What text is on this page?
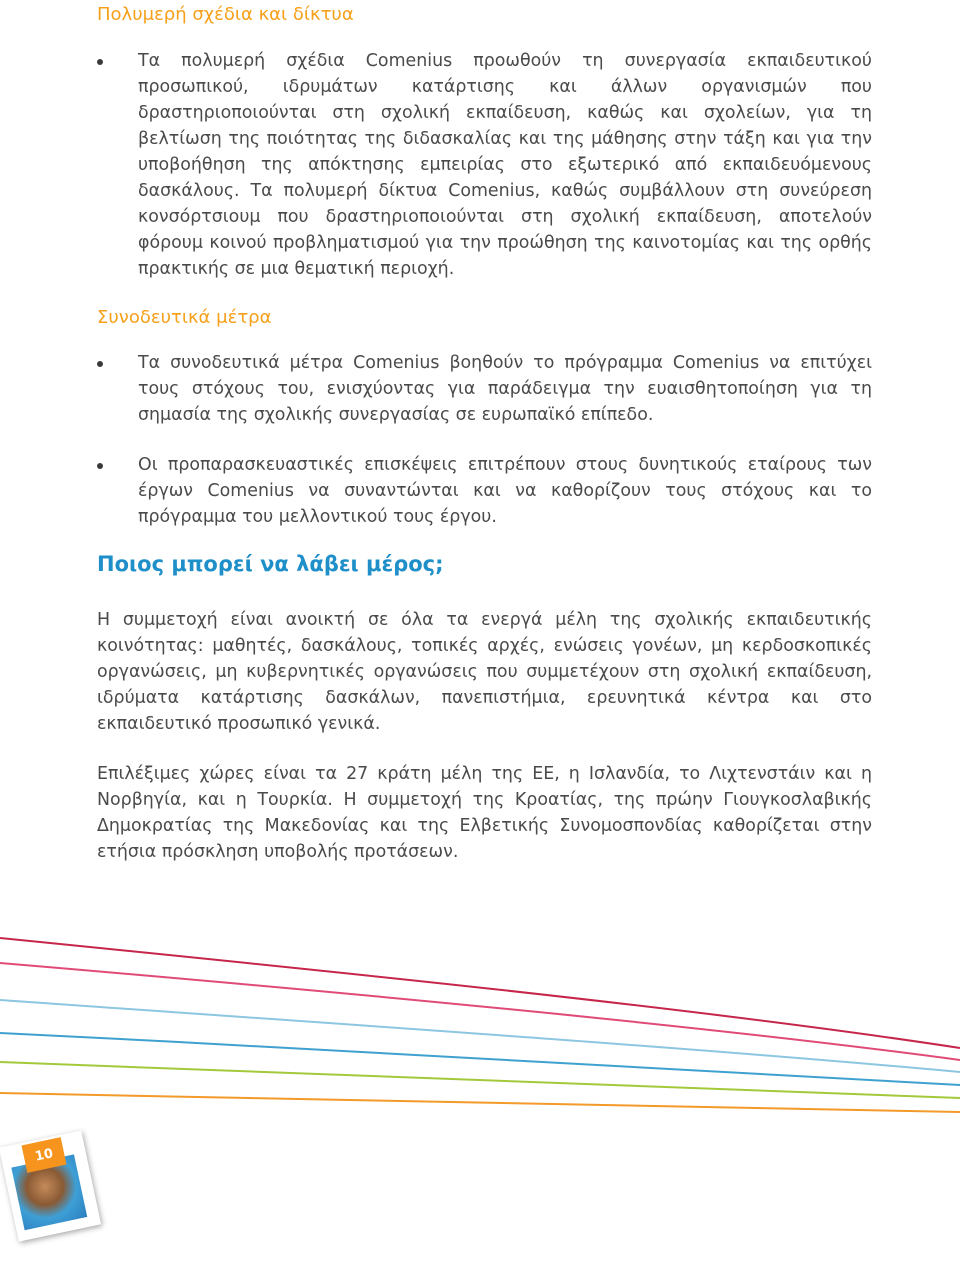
Πολυμερή σχέδια και δίκτυα
Τα πολυμερή σχέδια Comenius προωθούν τη συνεργασία εκπαιδευτικού προσωπικού, ιδρυμάτων κατάρτισης και άλλων οργανισμών που δραστηριοποιούνται στη σχολική εκπαίδευση, καθώς και σχολείων, για τη βελτίωση της ποιότητας της διδασκαλίας και της μάθησης στην τάξη και για την υποβοήθηση της απόκτησης εμπειρίας στο εξωτερικό από εκπαιδευόμενους δασκάλους. Τα πολυμερή δίκτυα Comenius, καθώς συμβάλλουν στη συνεύρεση κονσόρτσιουμ που δραστηριοποιούνται στη σχολική εκπαίδευση, αποτελούν φόρουμ κοινού προβληματισμού για την προώθηση της καινοτομίας και της ορθής πρακτικής σε μια θεματική περιοχή.
Συνοδευτικά μέτρα
Τα συνοδευτικά μέτρα Comenius βοηθούν το πρόγραμμα Comenius να επιτύχει τους στόχους του, ενισχύοντας για παράδειγμα την ευαισθητοποίηση για τη σημασία της σχολικής συνεργασίας σε ευρωπαϊκό επίπεδο.
Οι προπαρασκευαστικές επισκέψεις επιτρέπουν στους δυνητικούς εταίρους των έργων Comenius να συναντώνται και να καθορίζουν τους στόχους και το πρόγραμμα του μελλοντικού τους έργου.
Ποιος μπορεί να λάβει μέρος;

Η συμμετοχή είναι ανοικτή σε όλα τα ενεργά μέλη της σχολικής εκπαιδευτικής κοινότητας: μαθητές, δασκάλους, τοπικές αρχές, ενώσεις γονέων, μη κερδοσκοπικές οργανώσεις, μη κυβερνητικές οργανώσεις που συμμετέχουν στη σχολική εκπαίδευση, ιδρύματα κατάρτισης δασκάλων, πανεπιστήμια, ερευνητικά κέντρα και στο εκπαιδευτικό προσωπικό γενικά.

Επιλέξιμες χώρες είναι τα 27 κράτη μέλη της ΕΕ, η Ισλανδία, το Λιχτενστάιν και η Νορβηγία, και η Τουρκία. Η συμμετοχή της Κροατίας, της πρώην Γιουγκοσλαβικής Δημοκρατίας της Μακεδονίας και της Ελβετικής Συνομοσπονδίας καθορίζεται στην ετήσια πρόσκληση υποβολής προτάσεων.

10
